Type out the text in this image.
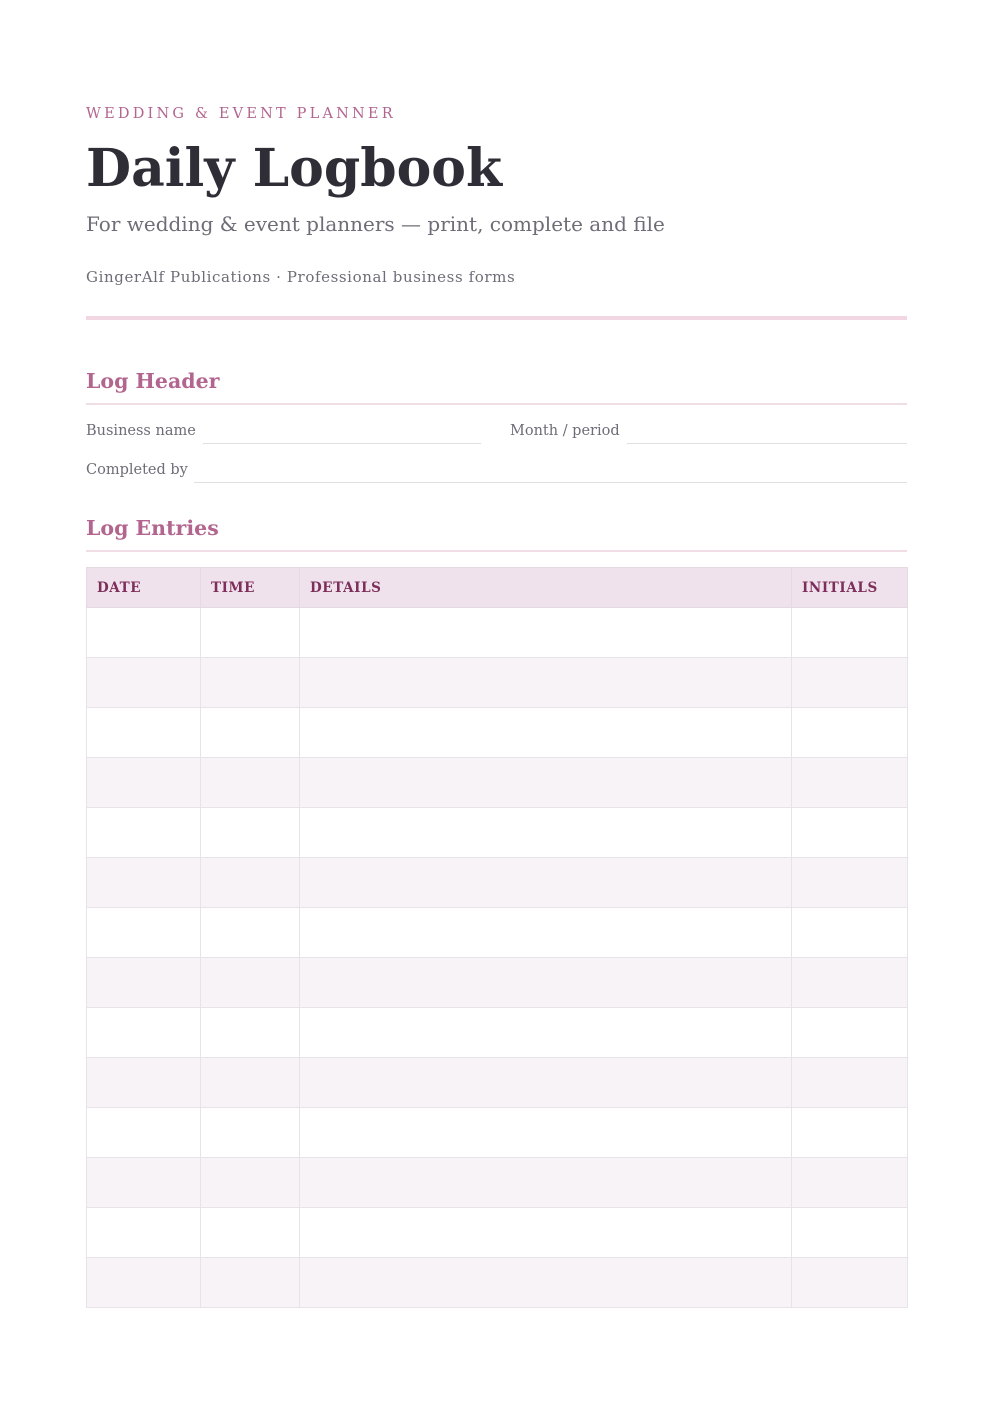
WEDDING & EVENT PLANNER
Daily Logbook
For wedding & event planners — print, complete and file
GingerAlf Publications · Professional business forms
Log Header
Business name	Month / period
Completed by
Log Entries
DATE	TIME	DETAILS	INITIALS
